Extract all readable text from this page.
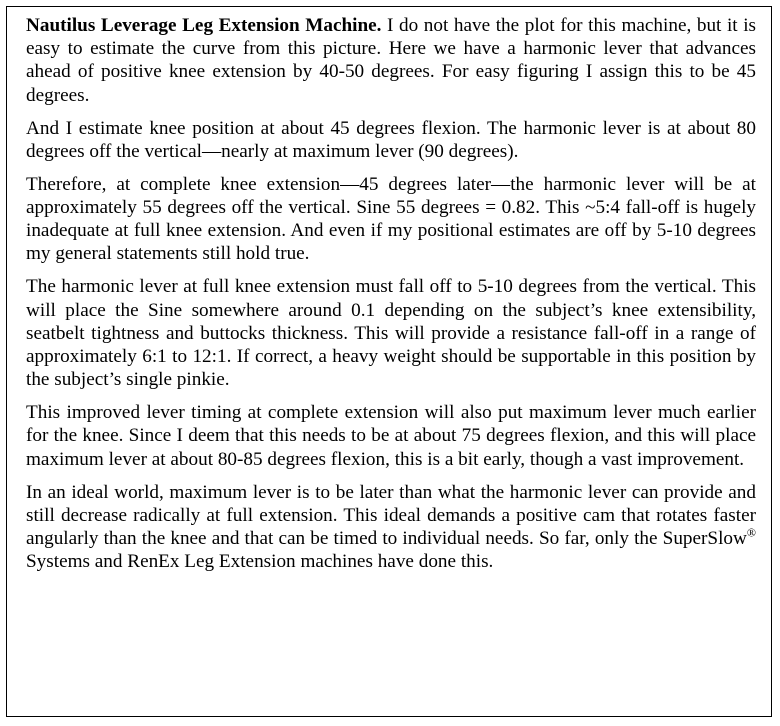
Nautilus Leverage Leg Extension Machine. I do not have the plot for this machine, but it is easy to estimate the curve from this picture. Here we have a harmonic lever that advances ahead of positive knee extension by 40-50 degrees. For easy figuring I assign this to be 45 degrees.

And I estimate knee position at about 45 degrees flexion. The harmonic lever is at about 80 degrees off the vertical—nearly at maximum lever (90 degrees).

Therefore, at complete knee extension—45 degrees later—the harmonic lever will be at approximately 55 degrees off the vertical. Sine 55 degrees = 0.82. This ~5:4 fall-off is hugely inadequate at full knee extension. And even if my positional estimates are off by 5-10 degrees my general statements still hold true.

The harmonic lever at full knee extension must fall off to 5-10 degrees from the vertical. This will place the Sine somewhere around 0.1 depending on the subject’s knee extensibility, seatbelt tightness and buttocks thickness. This will provide a resistance fall-off in a range of approximately 6:1 to 12:1. If correct, a heavy weight should be supportable in this position by the subject’s single pinkie.

This improved lever timing at complete extension will also put maximum lever much earlier for the knee. Since I deem that this needs to be at about 75 degrees flexion, and this will place maximum lever at about 80-85 degrees flexion, this is a bit early, though a vast improvement.

In an ideal world, maximum lever is to be later than what the harmonic lever can provide and still decrease radically at full extension. This ideal demands a positive cam that rotates faster angularly than the knee and that can be timed to individual needs. So far, only the SuperSlow® Systems and RenEx Leg Extension machines have done this.
